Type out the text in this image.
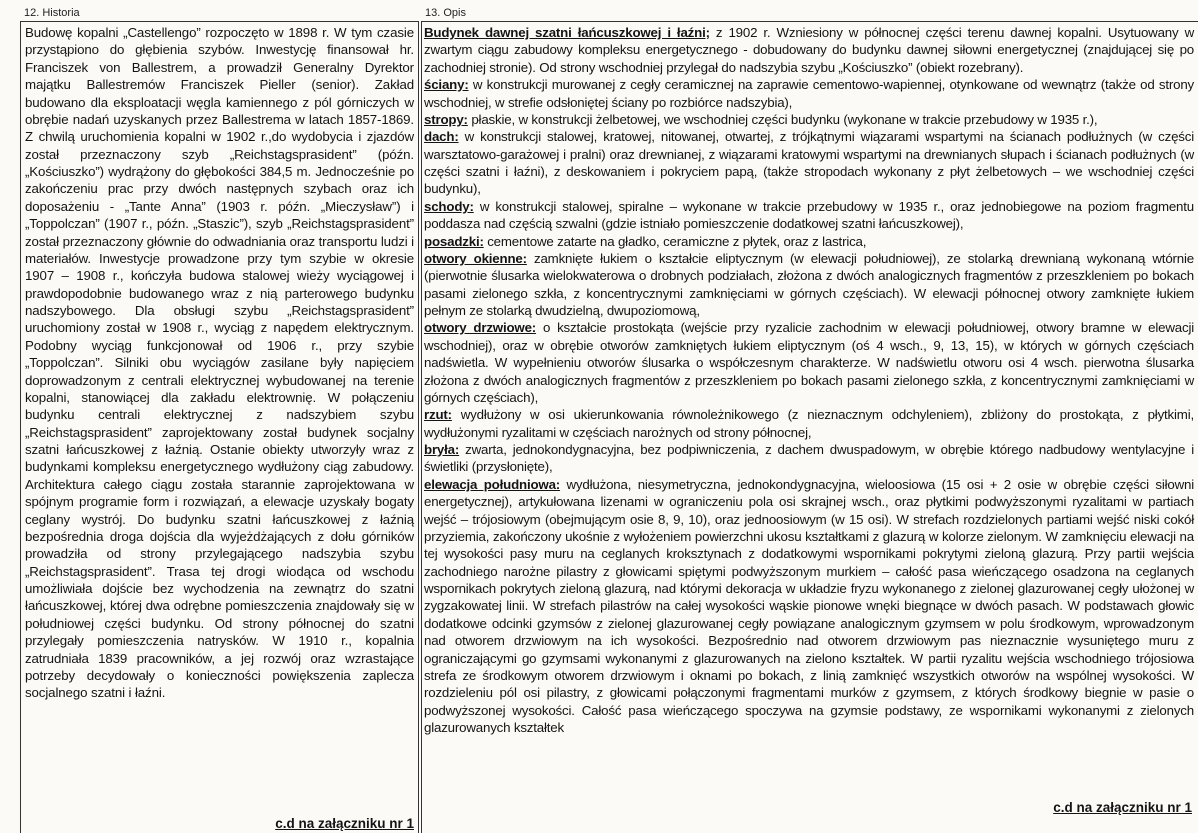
12. Historia	13. Opis

Budowę kopalni „Castellengo” rozpoczęto w 1898 r. W tym czasie przystąpiono do głębienia szybów. Inwestycję finansował hr. Franciszek von Ballestrem, a prowadził Generalny Dyrektor majątku Ballestremów Franciszek Pieller (senior). Zakład budowano dla eksploatacji węgla kamiennego z pól górniczych w obrębie nadań uzyskanych przez Ballestrema w latach 1857-1869. Z chwilą uruchomienia kopalni w 1902 r.,do wydobycia i zjazdów został przeznaczony szyb „Reichstagsprasident” (późn. „Kościuszko”) wydrążony do głębokości 384,5 m. Jednocześnie po zakończeniu prac przy dwóch następnych szybach oraz ich doposażeniu - „Tante Anna” (1903 r. późn. „Mieczysław”) i „Toppolczan” (1907 r., późn. „Staszic”), szyb „Reichstagsprasident” został przeznaczony głównie do odwadniania oraz transportu ludzi i materiałów. Inwestycje prowadzone przy tym szybie w okresie 1907 – 1908 r., kończyła budowa stalowej wieży wyciągowej i prawdopodobnie budowanego wraz z nią parterowego budynku nadszybowego. Dla obsługi szybu „Reichstagsprasident” uruchomiony został w 1908 r., wyciąg z napędem elektrycznym. Podobny wyciąg funkcjonował od 1906 r., przy szybie „Toppolczan”. Silniki obu wyciągów zasilane były napięciem doprowadzonym z centrali elektrycznej wybudowanej na terenie kopalni, stanowiącej dla zakładu elektrownię. W połączeniu budynku centrali elektrycznej z nadszybiem szybu „Reichstagsprasident” zaprojektowany został budynek socjalny szatni łańcuszkowej z łaźnią. Ostanie obiekty utworzyły wraz z budynkami kompleksu energetycznego wydłużony ciąg zabudowy. Architektura całego ciągu została starannie zaprojektowana w spójnym programie form i rozwiązań, a elewacje uzyskały bogaty ceglany wystrój. Do budynku szatni łańcuszkowej z łaźnią bezpośrednia droga dojścia dla wyjeżdżających z dołu górników prowadziła od strony przylegającego nadszybia szybu „Reichstagsprasident”. Trasa tej drogi wiodąca od wschodu umożliwiała dojście bez wychodzenia na zewnątrz do szatni łańcuszkowej, której dwa odrębne pomieszczenia znajdowały się w południowej części budynku. Od strony północnej do szatni przylegały pomieszczenia natrysków. W 1910 r., kopalnia zatrudniała 1839 pracowników, a jej rozwój oraz wzrastające potrzeby decydowały o konieczności powiększenia zaplecza socjalnego szatni i łaźni.

c.d na załączniku nr 1

Budynek dawnej szatni łańcuszkowej i łaźni; z 1902 r. Wzniesiony w północnej części terenu dawnej kopalni. Usytuowany w zwartym ciągu zabudowy kompleksu energetycznego - dobudowany do budynku dawnej siłowni energetycznej (znajdującej się po zachodniej stronie). Od strony wschodniej przylegał do nadszybia szybu „Kościuszko” (obiekt rozebrany).

ściany: w konstrukcji murowanej z cegły ceramicznej na zaprawie cementowo-wapiennej, otynkowane od wewnątrz (także od strony wschodniej, w strefie odsłoniętej ściany po rozbiórce nadszybia),

stropy: płaskie, w konstrukcji żelbetowej, we wschodniej części budynku (wykonane w trakcie przebudowy w 1935 r.),

dach: w konstrukcji stalowej, kratowej, nitowanej, otwartej, z trójkątnymi wiązarami wspartymi na ścianach podłużnych (w części warsztatowo-garażowej i pralni) oraz drewnianej, z wiązarami kratowymi wspartymi na drewnianych słupach i ścianach podłużnych (w części szatni i łaźni), z deskowaniem i pokryciem papą, (także stropodach wykonany z płyt żelbetowych – we wschodniej części budynku),

schody: w konstrukcji stalowej, spiralne – wykonane w trakcie przebudowy w 1935 r., oraz jednobiegowe na poziom fragmentu poddasza nad częścią szwalni (gdzie istniało pomieszczenie dodatkowej szatni łańcuszkowej),

posadzki: cementowe zatarte na gładko, ceramiczne z płytek, oraz z lastrica,

otwory okienne: zamknięte łukiem o kształcie eliptycznym (w elewacji południowej), ze stolarką drewnianą wykonaną wtórnie (pierwotnie ślusarka wielokwaterowa o drobnych podziałach, złożona z dwóch analogicznych fragmentów z przeszkleniem po bokach pasami zielonego szkła, z koncentrycznymi zamknięciami w górnych częściach). W elewacji północnej otwory zamknięte łukiem pełnym ze stolarką dwudzielną, dwupoziomową,

otwory drzwiowe: o kształcie prostokąta (wejście przy ryzalicie zachodnim w elewacji południowej, otwory bramne w elewacji wschodniej), oraz w obrębie otworów zamkniętych łukiem eliptycznym (oś 4 wsch., 9, 13, 15), w których w górnych częściach nadświetla. W wypełnieniu otworów ślusarka o współczesnym charakterze. W nadświetlu otworu osi 4 wsch. pierwotna ślusarka złożona z dwóch analogicznych fragmentów z przeszkleniem po bokach pasami zielonego szkła, z koncentrycznymi zamknięciami w górnych częściach),

rzut: wydłużony w osi ukierunkowania równoleżnikowego (z nieznacznym odchyleniem), zbliżony do prostokąta, z płytkimi, wydłużonymi ryzalitami w częściach narożnych od strony północnej,

bryła: zwarta, jednokondygnacyjna, bez podpiwniczenia, z dachem dwuspadowym, w obrębie którego nadbudowy wentylacyjne i świetliki (przysłonięte),

elewacja południowa: wydłużona, niesymetryczna, jednokondygnacyjna, wieloosiowa (15 osi + 2 osie w obrębie części siłowni energetycznej), artykułowana lizenami w ograniczeniu pola osi skrajnej wsch., oraz płytkimi podwyższonymi ryzalitami w partiach wejść – trójosiowym (obejmującym osie 8, 9, 10), oraz jednoosiowym (w 15 osi). W strefach rozdzielonych partiami wejść niski cokół przyziemia, zakończony ukośnie z wyłożeniem powierzchni ukosu kształtkami z glazurą w kolorze zielonym. W zamknięciu elewacji na tej wysokości pasy muru na ceglanych kroksztynach z dodatkowymi wspornikami pokrytymi zieloną glazurą. Przy partii wejścia zachodniego narożne pilastry z głowicami spiętymi podwyższonym murkiem – całość pasa wieńczącego osadzona na ceglanych wspornikach pokrytych zieloną glazurą, nad którymi dekoracja w układzie fryzu wykonanego z zielonej glazurowanej cegły ułożonej w zygzakowatej linii. W strefach pilastrów na całej wysokości wąskie pionowe wnęki biegnące w dwóch pasach. W podstawach głowic dodatkowe odcinki gzymsów z zielonej glazurowanej cegły powiązane analogicznym gzymsem w polu środkowym, wprowadzonym nad otworem drzwiowym na ich wysokości. Bezpośrednio nad otworem drzwiowym pas nieznacznie wysuniętego muru z ograniczającymi go gzymsami wykonanymi z glazurowanych na zielono kształtek. W partii ryzalitu wejścia wschodniego trójosiowa strefa ze środkowym otworem drzwiowym i oknami po bokach, z linią zamknięć wszystkich otworów na wspólnej wysokości. W rozdzieleniu pól osi pilastry, z głowicami połączonymi fragmentami murków z gzymsem, z których środkowy biegnie w pasie o podwyższonej wysokości. Całość pasa wieńczącego spoczywa na gzymsie podstawy, ze wspornikami wykonanymi z zielonych glazurowanych kształtek

c.d na załączniku nr 1
